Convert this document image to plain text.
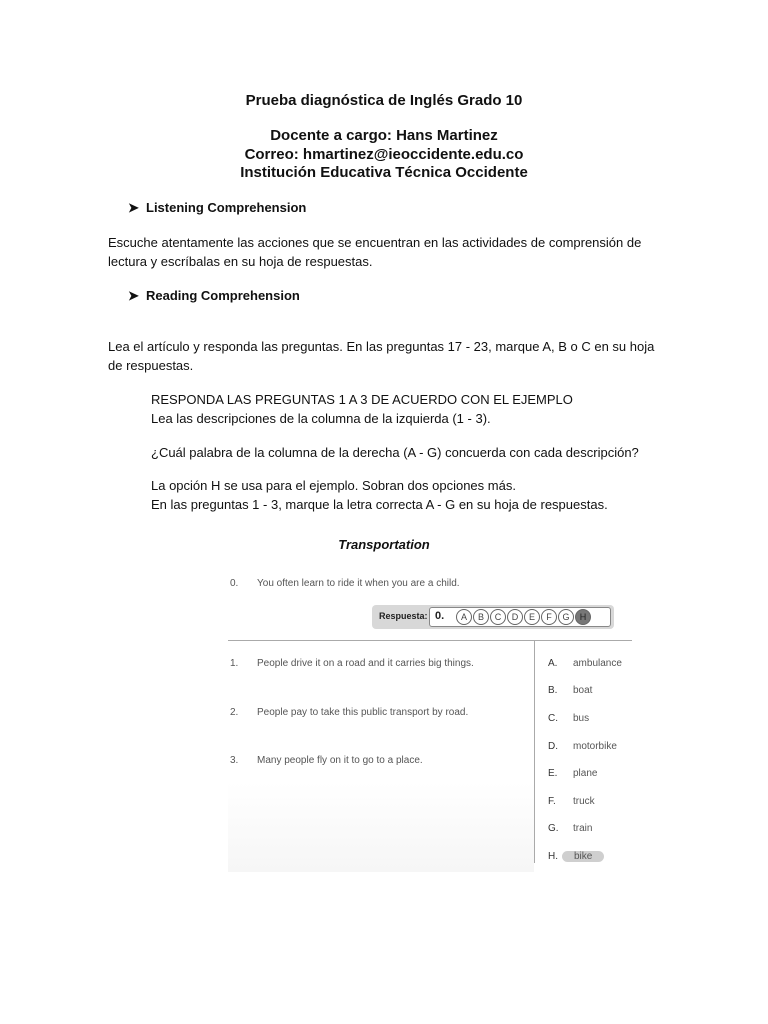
Prueba diagnóstica de Inglés Grado 10
Docente a cargo: Hans Martinez
Correo: hmartinez@ieoccidente.edu.co
Institución Educativa Técnica Occidente
➤ Listening Comprehension
Escuche atentamente las acciones que se encuentran en las actividades de comprensión de lectura y escríbalas en su hoja de respuestas.
➤ Reading Comprehension
Lea el artículo y responda las preguntas. En las preguntas 17 - 23, marque A, B o C en su hoja de respuestas.
RESPONDA LAS PREGUNTAS 1 A 3 DE ACUERDO CON EL EJEMPLO
Lea las descripciones de la columna de la izquierda (1 - 3).
¿Cuál palabra de la columna de la derecha (A - G) concuerda con cada descripción?
La opción H se usa para el ejemplo. Sobran dos opciones más.
En las preguntas 1 - 3, marque la letra correcta A - G en su hoja de respuestas.
Transportation
0.	You often learn to ride it when you are a child.
Respuesta: 0.	A	B	C	D	E	F	G	H
1.	People drive it on a road and it carries big things.
2.	People pay to take this public transport by road.
3.	Many people fly on it to go to a place.
A. ambulance
B. boat
C. bus
D. motorbike
E. plane
F. truck
G. train
H.	bike
